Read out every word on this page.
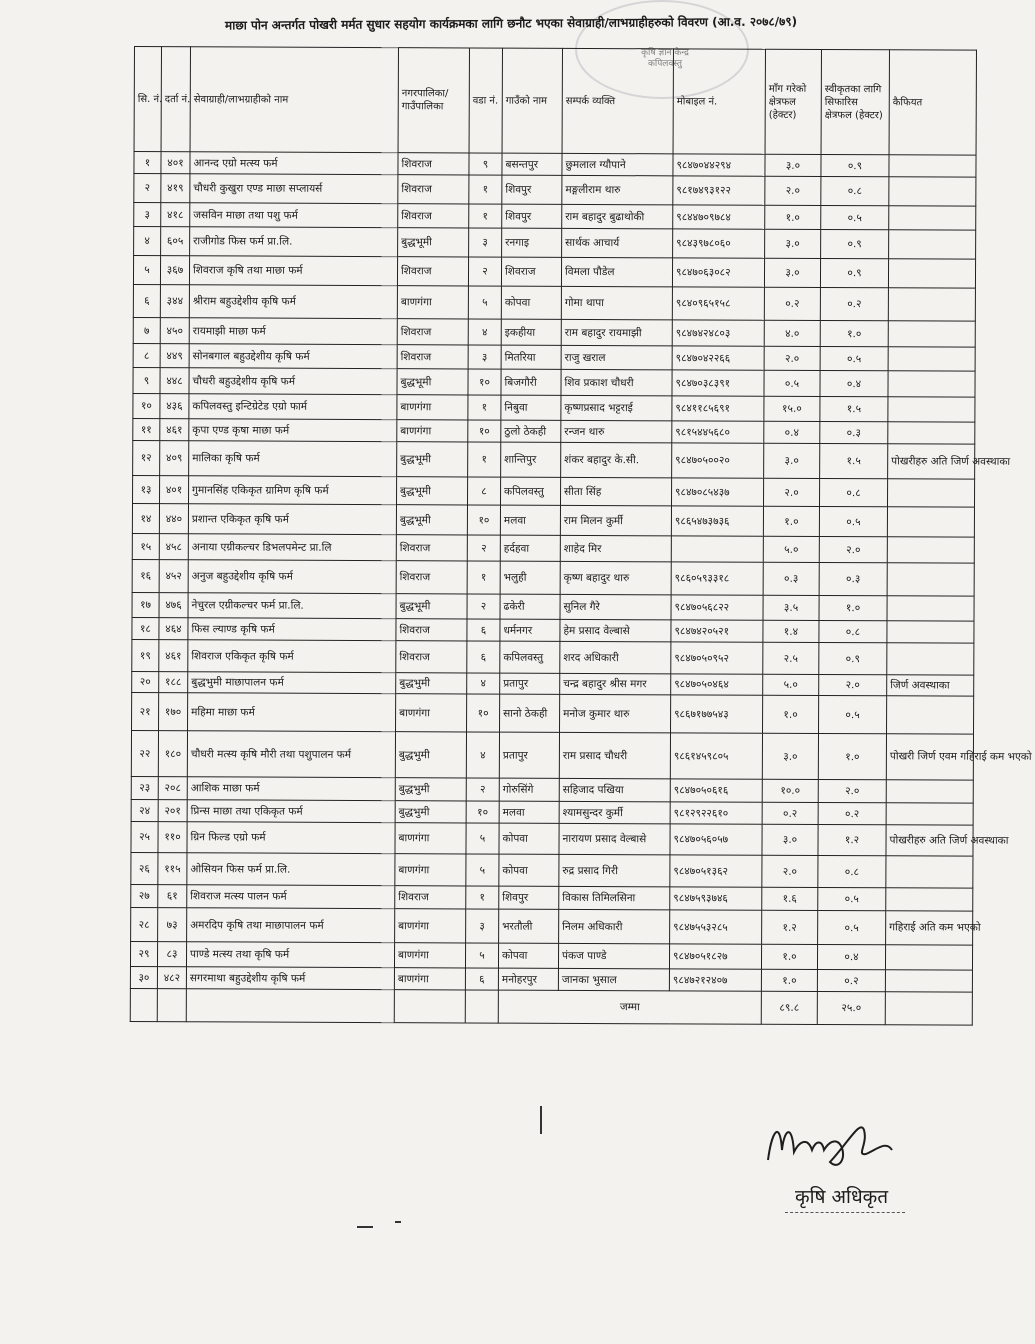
कृषि ज्ञान केन्द्र
कपिलवस्तु
माछा पोन अन्तर्गत पोखरी मर्मत सुधार सहयोग कार्यक्रमका लागि छनौट भएका सेवाग्राही/लाभग्राहीहरुको विवरण (आ.व. २०७८/७९)
सि. नं.	दर्ता नं.	सेवाग्राही/लाभग्राहीको नाम	नगरपालिका/ गाउँपालिका	वडा नं.	गाउँको नाम	सम्पर्क व्यक्ति	मोबाइल नं.	माँग गरेको क्षेत्रफल (हेक्टर)	स्वीकृतका लागि सिफारिस क्षेत्रफल (हेक्टर)	कैफियत
१	४०१	आनन्द एग्रो मत्स्य फर्म	शिवराज	९	बसन्तपुर	छुमलाल ग्यौपाने	९८४७०४४२९४	३.०	०.९	
२	४१९	चौधरी कुखुरा एण्ड माछा सप्लायर्स	शिवराज	१	शिवपुर	मङ्गलीराम थारु	९८१७४९३१२२	२.०	०.८	
३	४१८	जसविन माछा तथा पशु फर्म	शिवराज	१	शिवपुर	राम बहादुर बुढाथोकी	९८४४७०९७८४	१.०	०.५	
४	६०५	राजीगोड फिस फर्म प्रा.लि.	बुद्धभूमी	३	रनगाइ	सार्थक आचार्य	९८४३९७८०६०	३.०	०.९	
५	३६७	शिवराज कृषि तथा माछा फर्म	शिवराज	२	शिवराज	विमला पौडेल	९८४७०६३०८२	३.०	०.९	
६	३४४	श्रीराम बहुउद्देशीय कृषि फर्म	बाणगंगा	५	कोपवा	गोमा थापा	९८४०९६५१५८	०.२	०.२	
७	४५०	रायमाझी माछा फर्म	शिवराज	४	इकहीया	राम बहादुर रायमाझी	९८४७४२४८०३	४.०	१.०	
८	४४९	सोनबगाल बहुउद्देशीय कृषि फर्म	शिवराज	३	मितरिया	राजु खराल	९८४७०४२२६६	२.०	०.५	
९	४४८	चौधरी बहुउद्देशीय कृषि फर्म	बुद्धभूमी	१०	बिजगौरी	शिव प्रकाश चौधरी	९८४७०३८३९१	०.५	०.४	
१०	४३६	कपिलवस्तु इन्टिग्रेटेड एग्रो फार्म	बाणगंगा	१	निबुवा	कृष्णप्रसाद भट्टराई	९८४११८५६९१	१५.०	१.५	
११	४६१	कृपा एण्ड कृषा माछा फर्म	बाणगंगा	१०	ठुलो ठेकही	रन्जन थारु	९८१५४४५६८०	०.४	०.३	
१२	४०९	मालिका कृषि फर्म	बुद्धभूमी	१	शान्तिपुर	शंकर बहादुर के.सी.	९८४७०५००२०	३.०	१.५	पोखरीहरु अति जिर्ण अवस्थाका
१३	४०१	गुमानसिंह एकिकृत ग्रामिण कृषि फर्म	बुद्धभूमी	८	कपिलवस्तु	सीता सिंह	९८४७०८५४३७	२.०	०.८	
१४	४४०	प्रशान्त एकिकृत कृषि फर्म	बुद्धभूमी	१०	मलवा	राम मिलन कुर्मी	९८६५४७३७३६	१.०	०.५	
१५	४५८	अनाया एग्रीकल्चर डिभलपमेन्ट प्रा.लि	शिवराज	२	हर्दहवा	शाहेद मिर		५.०	२.०	
१६	४५२	अनुज बहुउद्देशीय कृषि फर्म	शिवराज	१	भलुही	कृष्ण बहादुर थारु	९८६०५९३३१८	०.३	०.३	
१७	४७६	नेचुरल एग्रीकल्चर फर्म प्रा.लि.	बुद्धभूमी	२	ढकेरी	सुनिल गैरे	९८४७०५६८२२	३.५	१.०	
१८	४६४	फिस ल्याण्ड कृषि फर्म	शिवराज	६	धर्मनगर	हेम प्रसाद वेल्बासे	९८४७४२०५२१	१.४	०.८	
१९	४६१	शिवराज एकिकृत कृषि फर्म	शिवराज	६	कपिलवस्तु	शरद अधिकारी	९८४७०५०९५२	२.५	०.९	
२०	१८८	बुद्धभुमी माछापालन फर्म	बुद्धभुमी	४	प्रतापुर	चन्द्र बहादुर श्रीस मगर	९८४७०५०४६४	५.०	२.०	जिर्ण अवस्थाका
२१	१७०	महिमा माछा फर्म	बाणगंगा	१०	सानो ठेकही	मनोज कुमार थारु	९८६७१७७५४३	१.०	०.५	
२२	१८०	चौधरी मत्स्य कृषि मौरी तथा पशुपालन फर्म	बुद्धभुमी	४	प्रतापुर	राम प्रसाद चौधरी	९८६१४५९८०५	३.०	१.०	पोखरी जिर्ण एवम गहिराई कम भएको
२३	२०८	आशिक माछा फर्म	बुद्धभुमी	२	गोरुसिंगे	सहिजाद पखिया	९८४७०५०६१६	१०.०	२.०	
२४	२०१	प्रिन्स माछा तथा एकिकृत फर्म	बुद्धभुमी	१०	मलवा	श्यामसुन्दर कुर्मी	९८१२९२२६१०	०.२	०.२	
२५	११०	ग्रिन फिल्ड एग्रो फर्म	बाणगंगा	५	कोपवा	नारायण प्रसाद वेल्बासे	९८४७०५६०५७	३.०	१.२	पोखरीहरु अति जिर्ण अवस्थाका
२६	११५	ओसियन फिस फर्म प्रा.लि.	बाणगंगा	५	कोपवा	रुद्र प्रसाद गिरी	९८४७०५१३६२	२.०	०.८	
२७	६१	शिवराज मत्स्य पालन फर्म	शिवराज	१	शिवपुर	विकास तिमिलसिना	९८४७५९३७४६	१.६	०.५	
२८	७३	अमरदिप कृषि तथा माछापालन फर्म	बाणगंगा	३	भरतौली	निलम अधिकारी	९८४७५५३२८५	१.२	०.५	गहिराई अति कम भएको
२९	८३	पाण्डे मत्स्य तथा कृषि फर्म	बाणगंगा	५	कोपवा	पंकज पाण्डे	९८४७०५१८२७	१.०	०.४	
३०	४८२	सगरमाथा बहुउद्देशीय कृषि फर्म	बाणगंगा	६	मनोहरपुर	जानका भुसाल	९८४७२१२४०७	१.०	०.२	
					जम्मा			८९.८	२५.०	
कृषि अधिकृत
